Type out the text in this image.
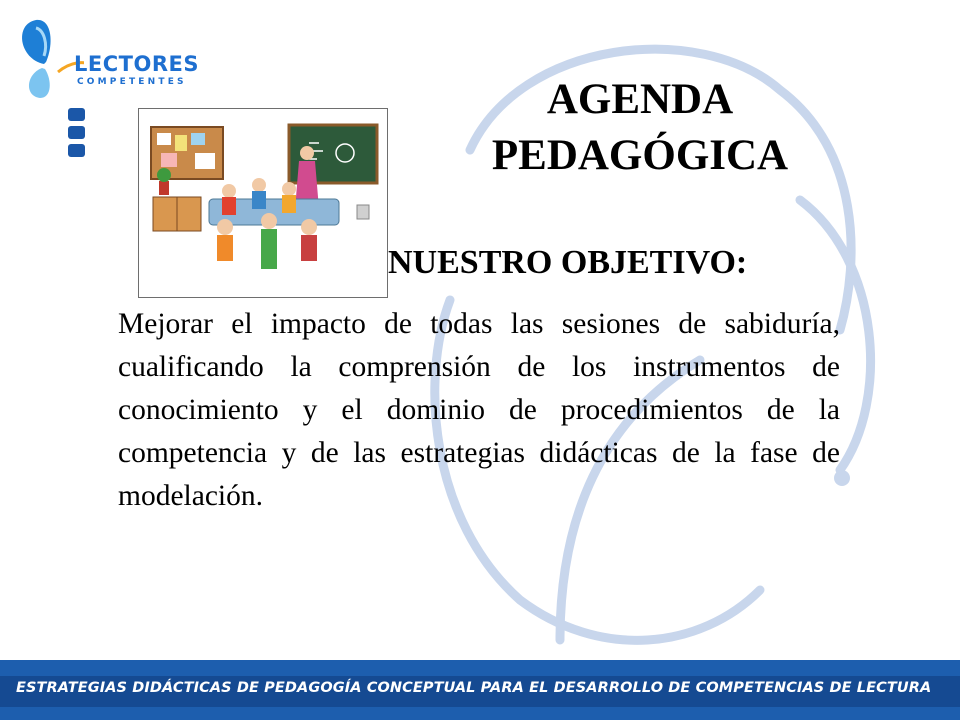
LECTORES
COMPETENTES	AGENDA
PEDAGÓGICA
NUESTRO OBJETIVO:
Mejorar el impacto de todas las sesiones de sabiduría, cualificando la comprensión de los instrumentos de conocimiento y el dominio de procedimientos de la competencia y de las estrategias didácticas de la fase de modelación.
ESTRATEGIAS DIDÁCTICAS DE PEDAGOGÍA CONCEPTUAL PARA EL DESARROLLO DE COMPETENCIAS DE LECTURA
